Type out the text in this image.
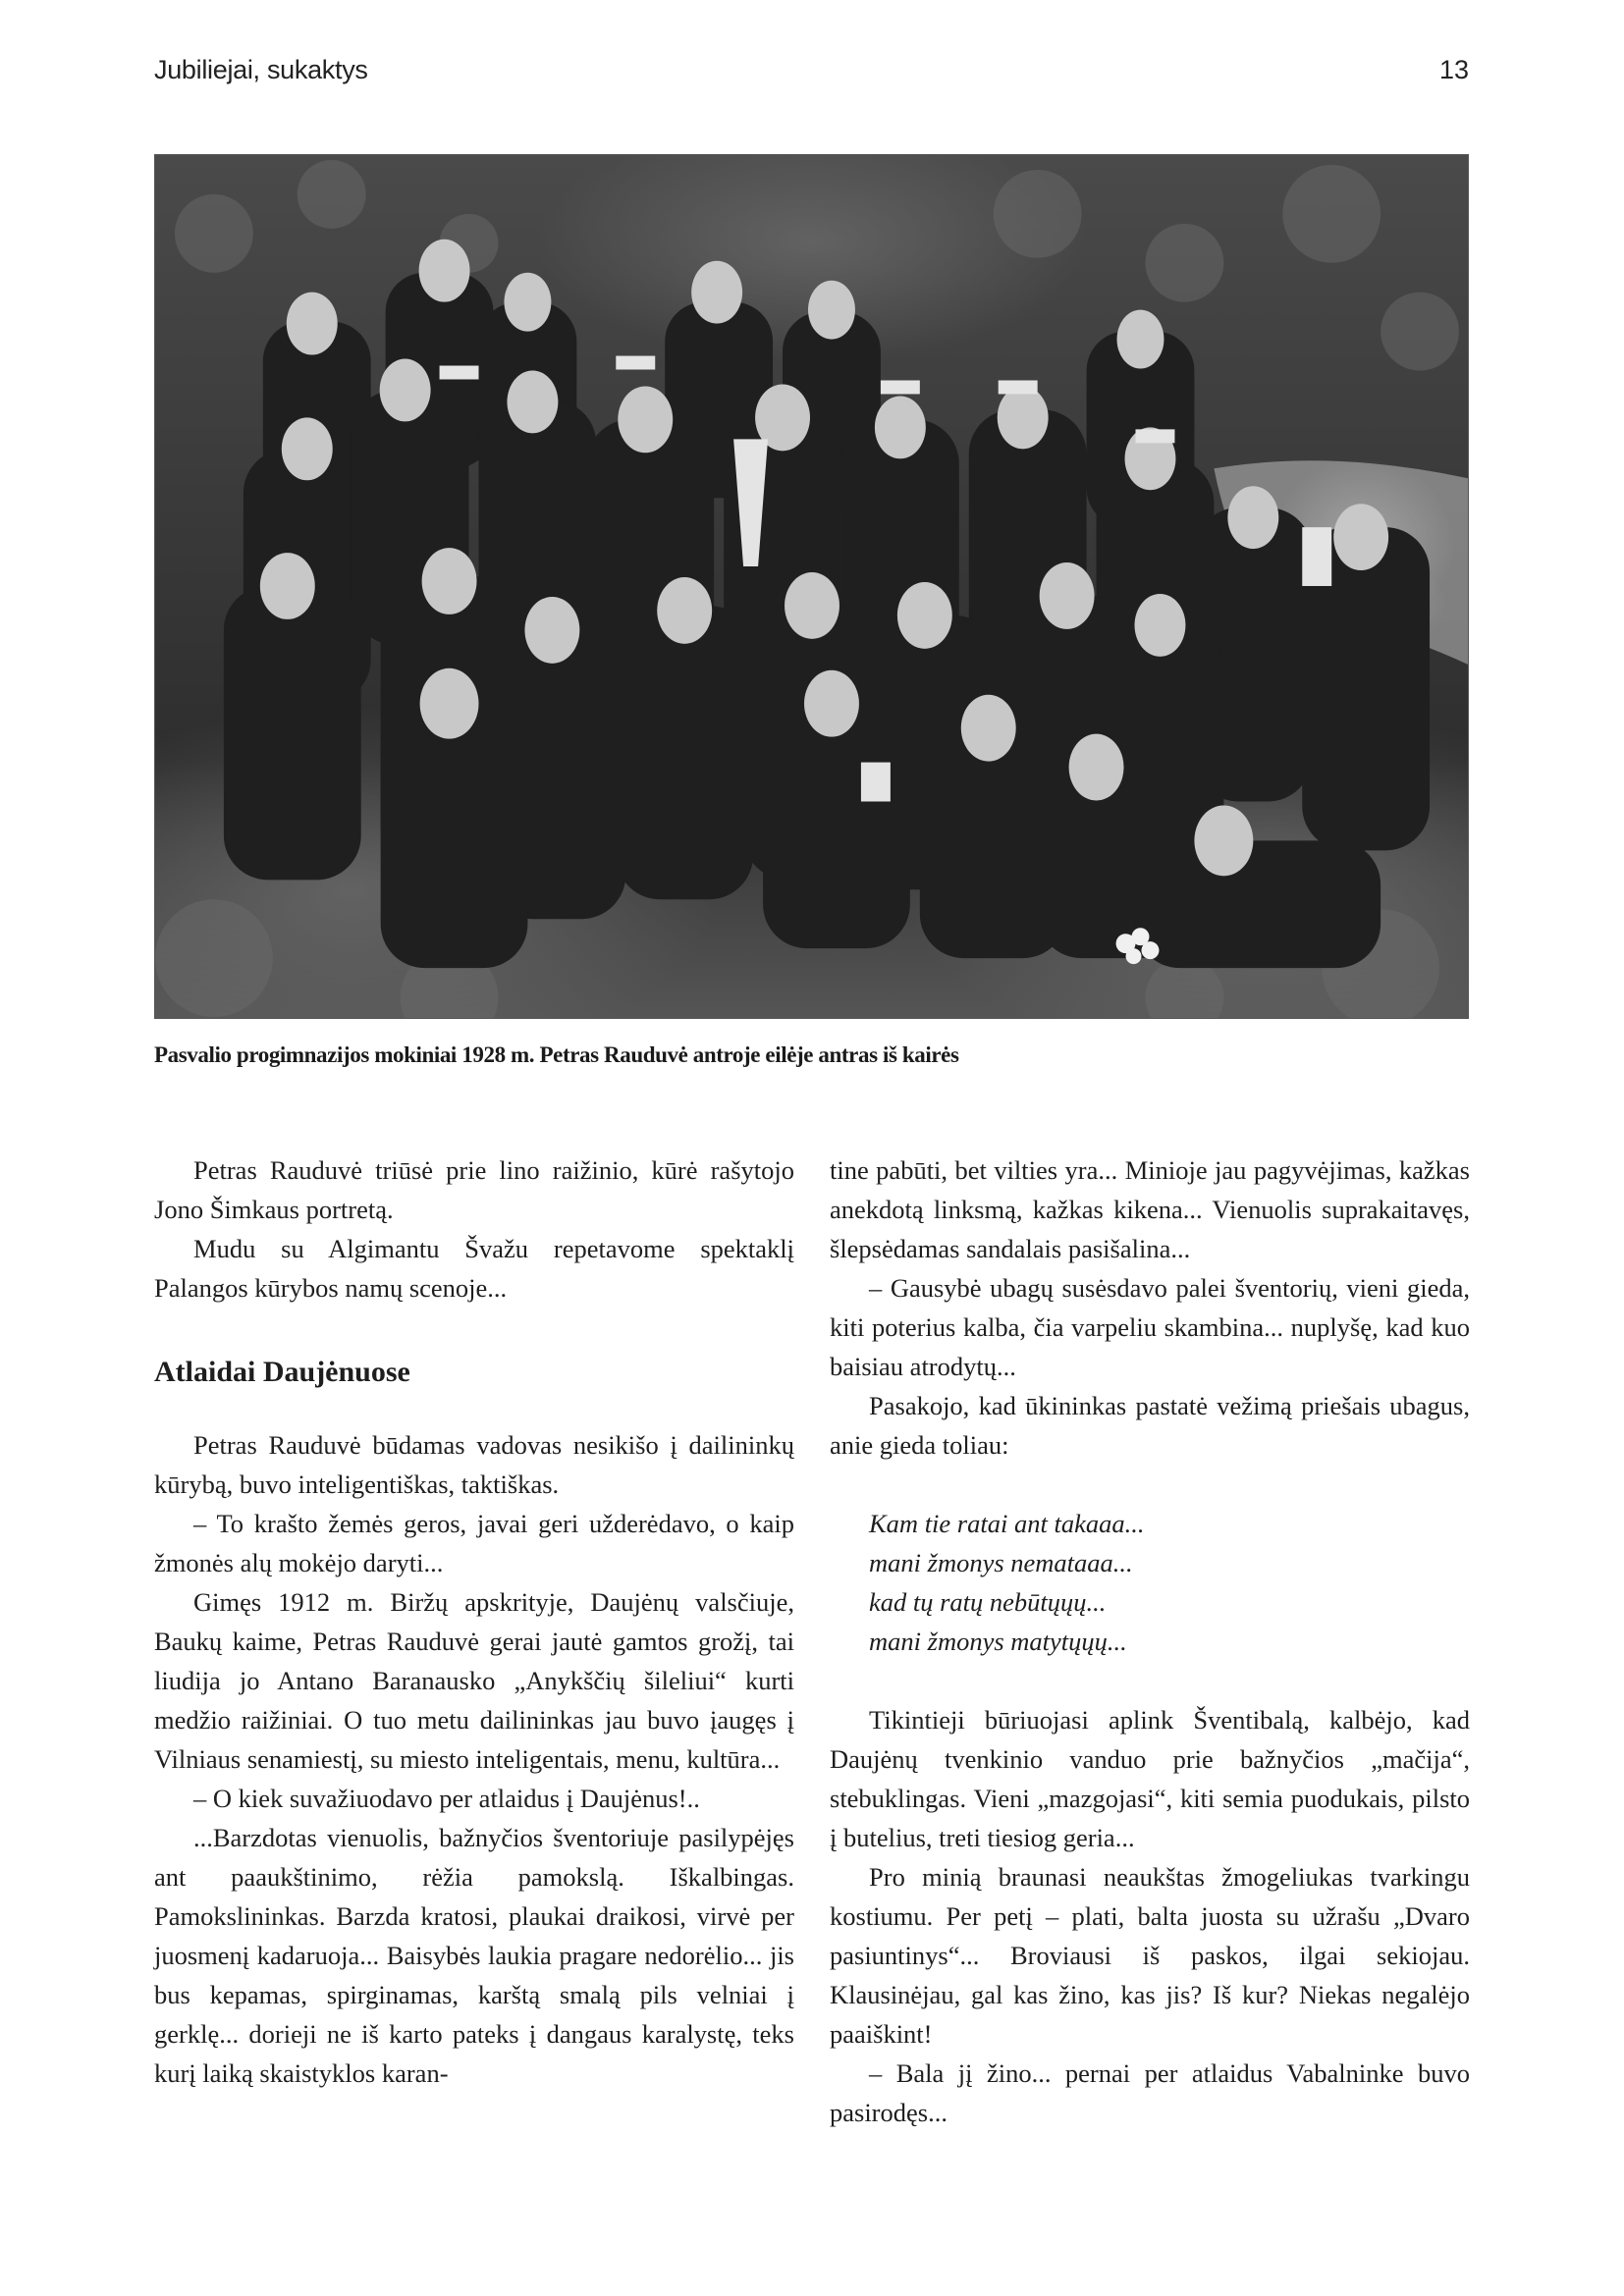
Jubiliejai, sukaktys	13
Pasvalio progimnazijos mokiniai 1928 m. Petras Rauduvė antroje eilėje antras iš kairės

Petras Rauduvė triūsė prie lino raižinio, kūrė rašytojo Jono Šimkaus portretą.

Mudu su Algimantu Švažu repetavome spektaklį Palangos kūrybos namų scenoje...

Atlaidai Daujėnuose

Petras Rauduvė būdamas vadovas nesikišo į dailininkų kūrybą, buvo inteligentiškas, taktiškas.

– To krašto žemės geros, javai geri užderėdavo, o kaip žmonės alų mokėjo daryti...

Gimęs 1912 m. Biržų apskrityje, Daujėnų valsčiuje, Baukų kaime, Petras Rauduvė gerai jautė gamtos grožį, tai liudija jo Antano Baranausko „Anykščių šileliui“ kurti medžio raižiniai. O tuo metu dailininkas jau buvo įaugęs į Vilniaus senamiestį, su miesto inteligentais, menu, kultūra...

– O kiek suvažiuodavo per atlaidus į Daujėnus!..

...Barzdotas vienuolis, bažnyčios šventoriuje pasilypėjęs ant paaukštinimo, rėžia pamokslą. Iškalbingas. Pamokslininkas. Barzda kratosi, plaukai draikosi, virvė per juosmenį kadaruoja... Baisybės laukia pragare nedorėlio... jis bus kepamas, spirginamas, karštą smalą pils velniai į gerklę... dorieji ne iš karto pateks į dangaus karalystę, teks kurį laiką skaistyklos karan-

tine pabūti, bet vilties yra... Minioje jau pagyvėjimas, kažkas anekdotą linksmą, kažkas kikena... Vienuolis suprakaitavęs, šlepsėdamas sandalais pasišalina...

– Gausybė ubagų susėsdavo palei šventorių, vieni gieda, kiti poterius kalba, čia varpeliu skambina... nuplyšę, kad kuo baisiau atrodytų...

Pasakojo, kad ūkininkas pastatė vežimą priešais ubagus, anie gieda toliau:

Kam tie ratai ant takaaa...
mani žmonys nemataaa...
kad tų ratų nebūtųųų...
mani žmonys matytųųų...

Tikintieji būriuojasi aplink Šventibalą, kalbėjo, kad Daujėnų tvenkinio vanduo prie bažnyčios „mačija“, stebuklingas. Vieni „mazgojasi“, kiti semia puodukais, pilsto į butelius, treti tiesiog geria...

Pro minią braunasi neaukštas žmogeliukas tvarkingu kostiumu. Per petį – plati, balta juosta su užrašu „Dvaro pasiuntinys“... Broviausi iš paskos, ilgai sekiojau. Klausinėjau, gal kas žino, kas jis? Iš kur? Niekas negalėjo paaiškint!

– Bala jį žino... pernai per atlaidus Vabalninke buvo pasirodęs...
